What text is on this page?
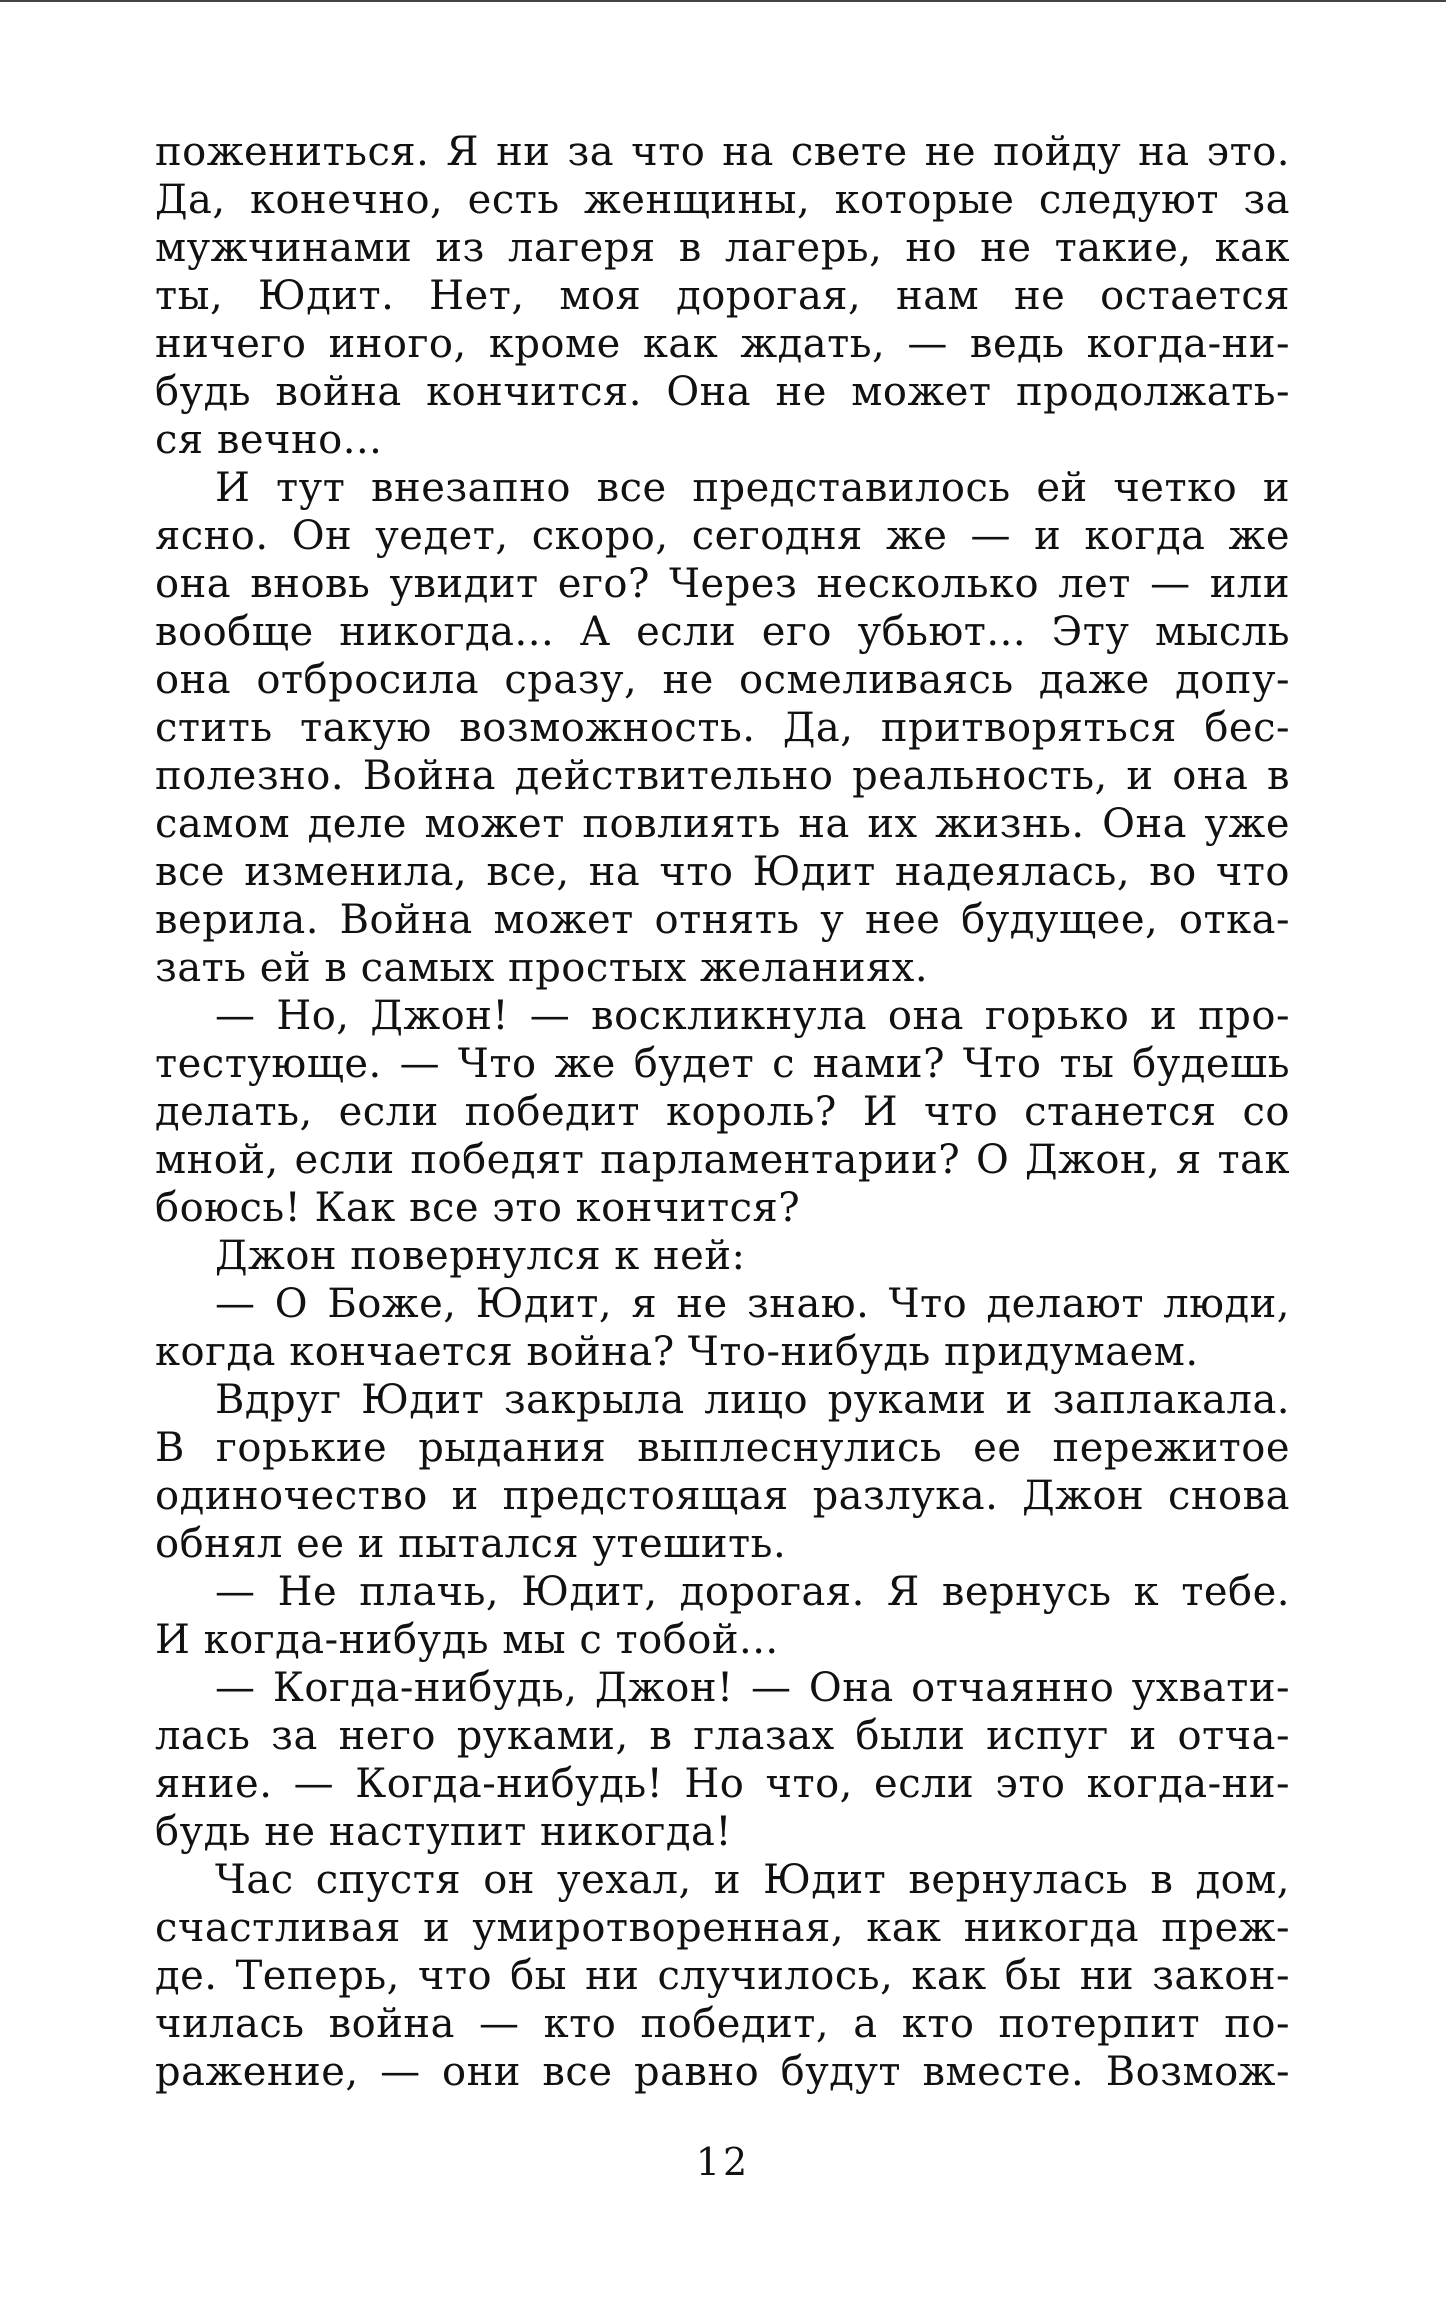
пожениться. Я ни за что на свете не пойду на это.
Да, конечно, есть женщины, которые следуют за
мужчинами из лагеря в лагерь, но не такие, как
ты, Юдит. Нет, моя дорогая, нам не остается
ничего иного, кроме как ждать, — ведь когда-ни-
будь война кончится. Она не может продолжать-
ся вечно...
И тут внезапно все представилось ей четко и
ясно. Он уедет, скоро, сегодня же — и когда же
она вновь увидит его? Через несколько лет — или
вообще никогда... А если его убьют... Эту мысль
она отбросила сразу, не осмеливаясь даже допу-
стить такую возможность. Да, притворяться бес-
полезно. Война действительно реальность, и она в
самом деле может повлиять на их жизнь. Она уже
все изменила, все, на что Юдит надеялась, во что
верила. Война может отнять у нее будущее, отка-
зать ей в самых простых желаниях.
— Но, Джон! — воскликнула она горько и про-
тестующе. — Что же будет с нами? Что ты будешь
делать, если победит король? И что станется со
мной, если победят парламентарии? О Джон, я так
боюсь! Как все это кончится?
Джон повернулся к ней:
— О Боже, Юдит, я не знаю. Что делают люди,
когда кончается война? Что-нибудь придумаем.
Вдруг Юдит закрыла лицо руками и заплакала.
В горькие рыдания выплеснулись ее пережитое
одиночество и предстоящая разлука. Джон снова
обнял ее и пытался утешить.
— Не плачь, Юдит, дорогая. Я вернусь к тебе.
И когда-нибудь мы с тобой...
— Когда-нибудь, Джон! — Она отчаянно ухвати-
лась за него руками, в глазах были испуг и отча-
яние. — Когда-нибудь! Но что, если это когда-ни-
будь не наступит никогда!
Час спустя он уехал, и Юдит вернулась в дом,
счастливая и умиротворенная, как никогда преж-
де. Теперь, что бы ни случилось, как бы ни закон-
чилась война — кто победит, а кто потерпит по-
ражение, — они все равно будут вместе. Возмож-
12
